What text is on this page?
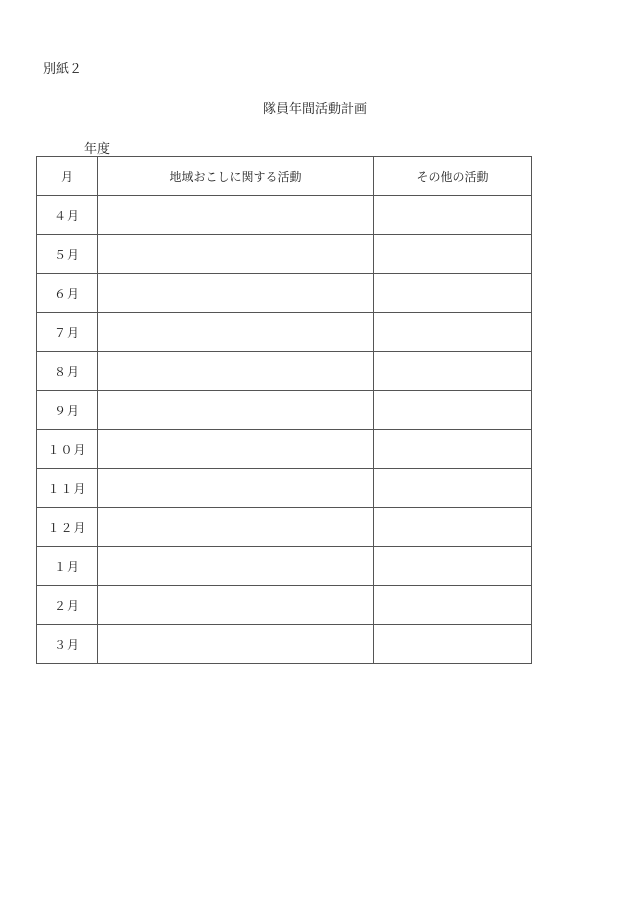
別紙２
隊員年間活動計画
年度
月	地域おこしに関する活動	その他の活動
４月		
５月		
６月		
７月		
８月		
９月		
１０月		
１１月		
１２月		
１月		
２月		
３月		
